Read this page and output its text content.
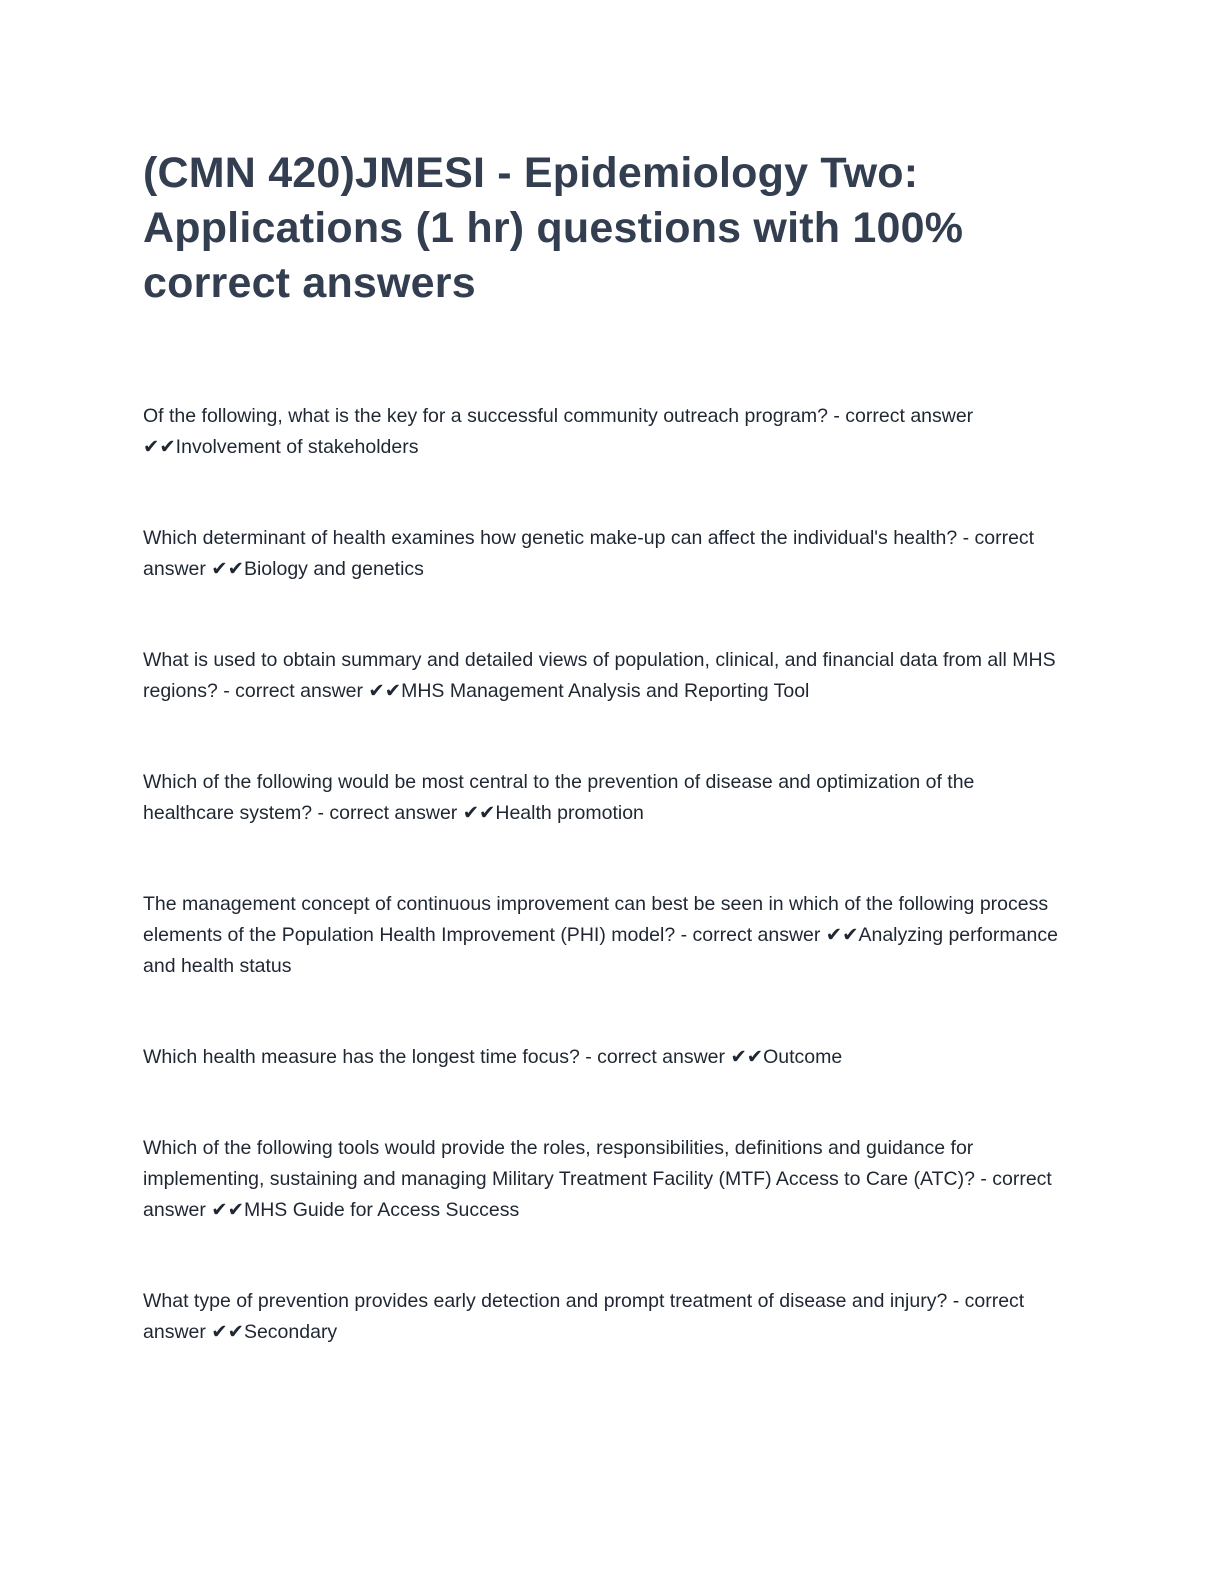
(CMN 420)JMESI - Epidemiology Two: Applications (1 hr) questions with 100% correct answers

Of the following, what is the key for a successful community outreach program? - correct answer ✔✔Involvement of stakeholders

Which determinant of health examines how genetic make-up can affect the individual's health? - correct answer ✔✔Biology and genetics

What is used to obtain summary and detailed views of population, clinical, and financial data from all MHS regions? - correct answer ✔✔MHS Management Analysis and Reporting Tool

Which of the following would be most central to the prevention of disease and optimization of the healthcare system? - correct answer ✔✔Health promotion

The management concept of continuous improvement can best be seen in which of the following process elements of the Population Health Improvement (PHI) model? - correct answer ✔✔Analyzing performance and health status

Which health measure has the longest time focus? - correct answer ✔✔Outcome

Which of the following tools would provide the roles, responsibilities, definitions and guidance for implementing, sustaining and managing Military Treatment Facility (MTF) Access to Care (ATC)? - correct answer ✔✔MHS Guide for Access Success

What type of prevention provides early detection and prompt treatment of disease and injury? - correct answer ✔✔Secondary
